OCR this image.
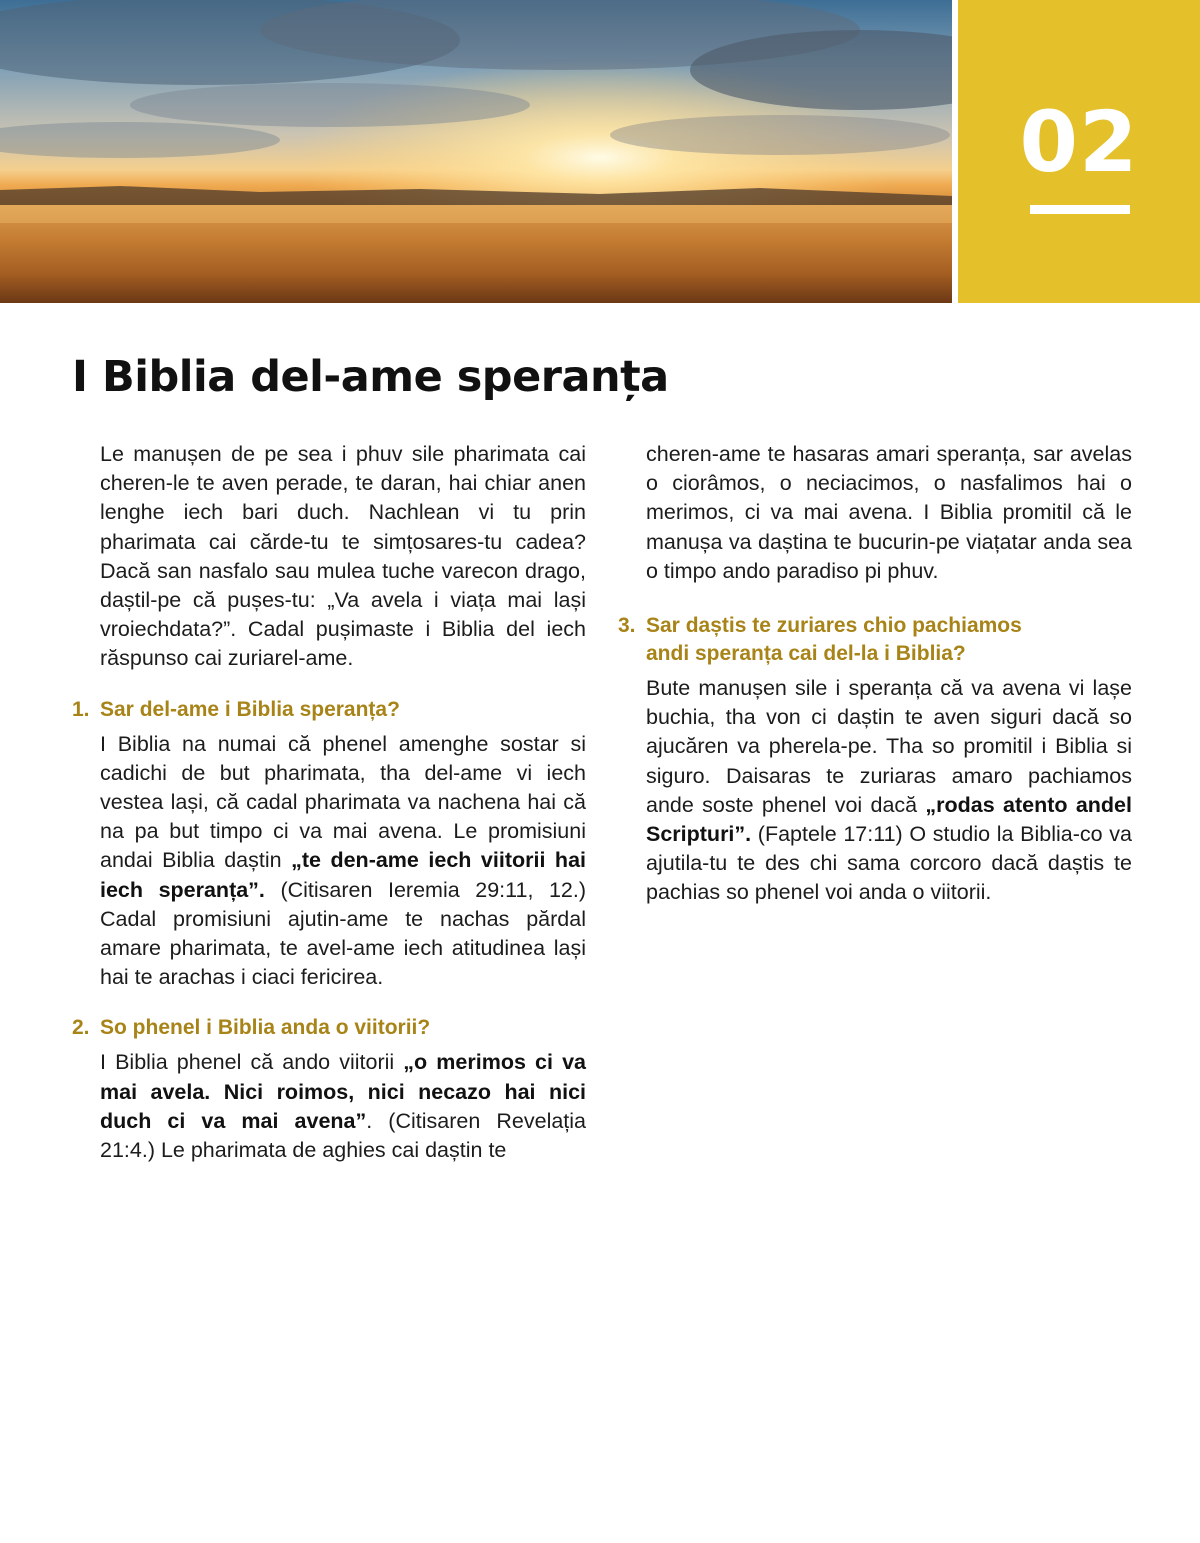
02
I Biblia del-ame speranța

Le manușen de pe sea i phuv sile pharimata cai cheren-le te aven perade, te daran, hai chiar anen lenghe iech bari duch. Nachlean vi tu prin pharimata cai cărde-tu te simțosares-tu cadea? Dacă san nasfalo sau mulea tuche varecon drago, daștil-pe că pușes-tu: „Va avela i viața mai lași vroiechdata?”. Cadal pușimaste i Biblia del iech răspunso cai zuriarel-ame.

1. Sar del-ame i Biblia speranța?

I Biblia na numai că phenel amenghe sostar si cadichi de but pharimata, tha del-ame vi iech vestea lași, că cadal pharimata va nachena hai că na pa but timpo ci va mai avena. Le promisiuni andai Biblia daștin „te den-ame iech viitorii hai iech speranța”. (Citisaren Ieremia 29:11, 12.) Cadal promisiuni ajutin-ame te nachas părdal amare pharimata, te avel-ame iech atitudinea lași hai te arachas i ciaci fericirea.

2. So phenel i Biblia anda o viitorii?

I Biblia phenel că ando viitorii „o merimos ci va mai avela. Nici roimos, nici necazo hai nici duch ci va mai avena”. (Citisaren Revelația 21:4.) Le pharimata de aghies cai daștin te

cheren-ame te hasaras amari speranța, sar avelas o ciorâmos, o neciacimos, o nasfalimos hai o merimos, ci va mai avena. I Biblia promitil că le manușa va daștina te bucurin-pe viațatar anda sea o timpo ando paradiso pi phuv.

3. Sar daștis te zuriares chio pachiamos
andi speranța cai del-la i Biblia?

Bute manușen sile i speranța că va avena vi lașe buchia, tha von ci daștin te aven siguri dacă so ajucăren va pherela-pe. Tha so promitil i Biblia si siguro. Daisaras te zuriaras amaro pachiamos ande soste phenel voi dacă „rodas atento andel Scripturi”. (Faptele 17:11) O studio la Biblia-co va ajutila-tu te des chi sama corcoro dacă daștis te pachias so phenel voi anda o viitorii.
